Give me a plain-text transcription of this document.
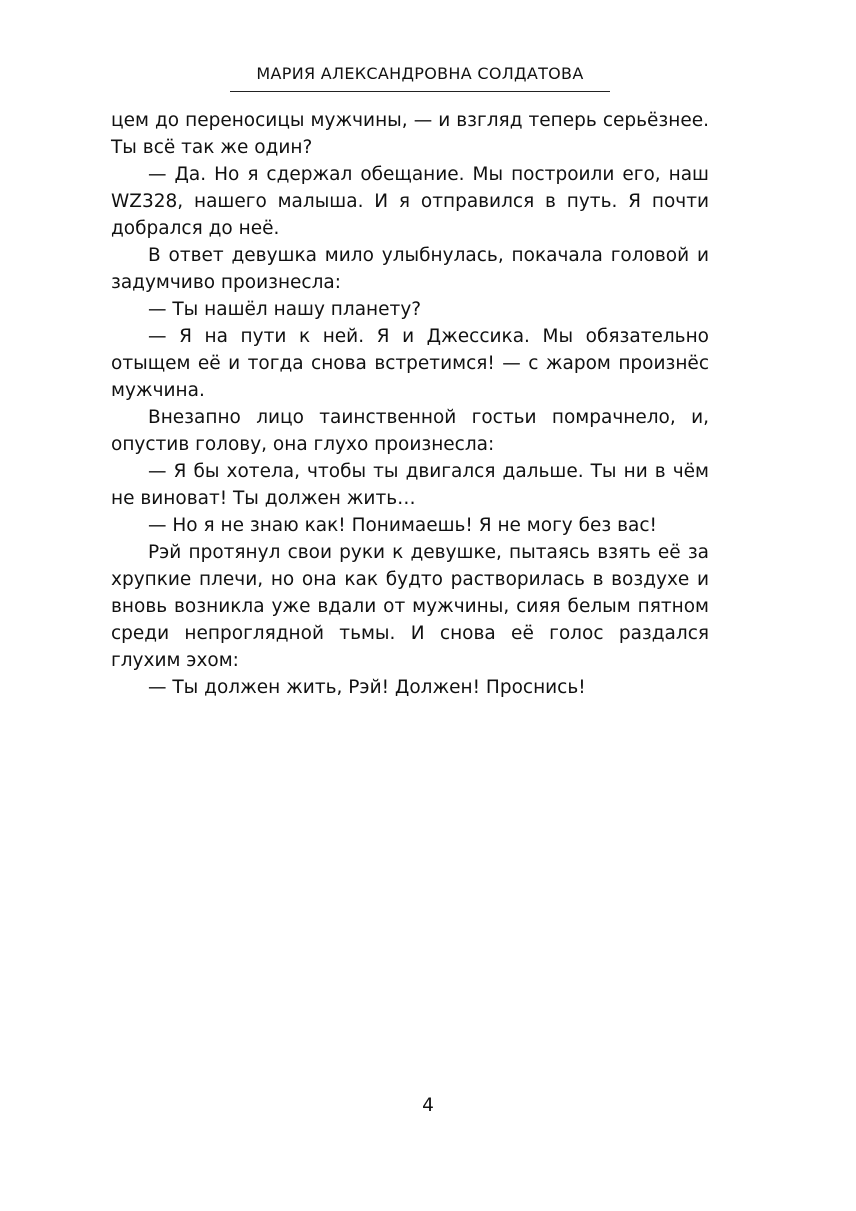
МАРИЯ АЛЕКСАНДРОВНА СОЛДАТОВА

цем до переносицы мужчины, — и взгляд теперь серьёзнее. Ты всё так же один?

— Да. Но я сдержал обещание. Мы построили его, наш WZ328, нашего малыша. И я отправился в путь. Я почти добрался до неё.

В ответ девушка мило улыбнулась, покачала головой и задумчиво произнесла:

— Ты нашёл нашу планету?

— Я на пути к ней. Я и Джессика. Мы обязательно отыщем её и тогда снова встретимся! — с жаром произнёс мужчина.

Внезапно лицо таинственной гостьи помрачнело, и, опустив голову, она глухо произнесла:

— Я бы хотела, чтобы ты двигался дальше. Ты ни в чём не виноват! Ты должен жить…

— Но я не знаю как! Понимаешь! Я не могу без вас!

Рэй протянул свои руки к девушке, пытаясь взять её за хрупкие плечи, но она как будто растворилась в воздухе и вновь возникла уже вдали от мужчины, сияя белым пятном среди непроглядной тьмы. И снова её голос раздался глухим эхом:

— Ты должен жить, Рэй! Должен! Проснись!

4
